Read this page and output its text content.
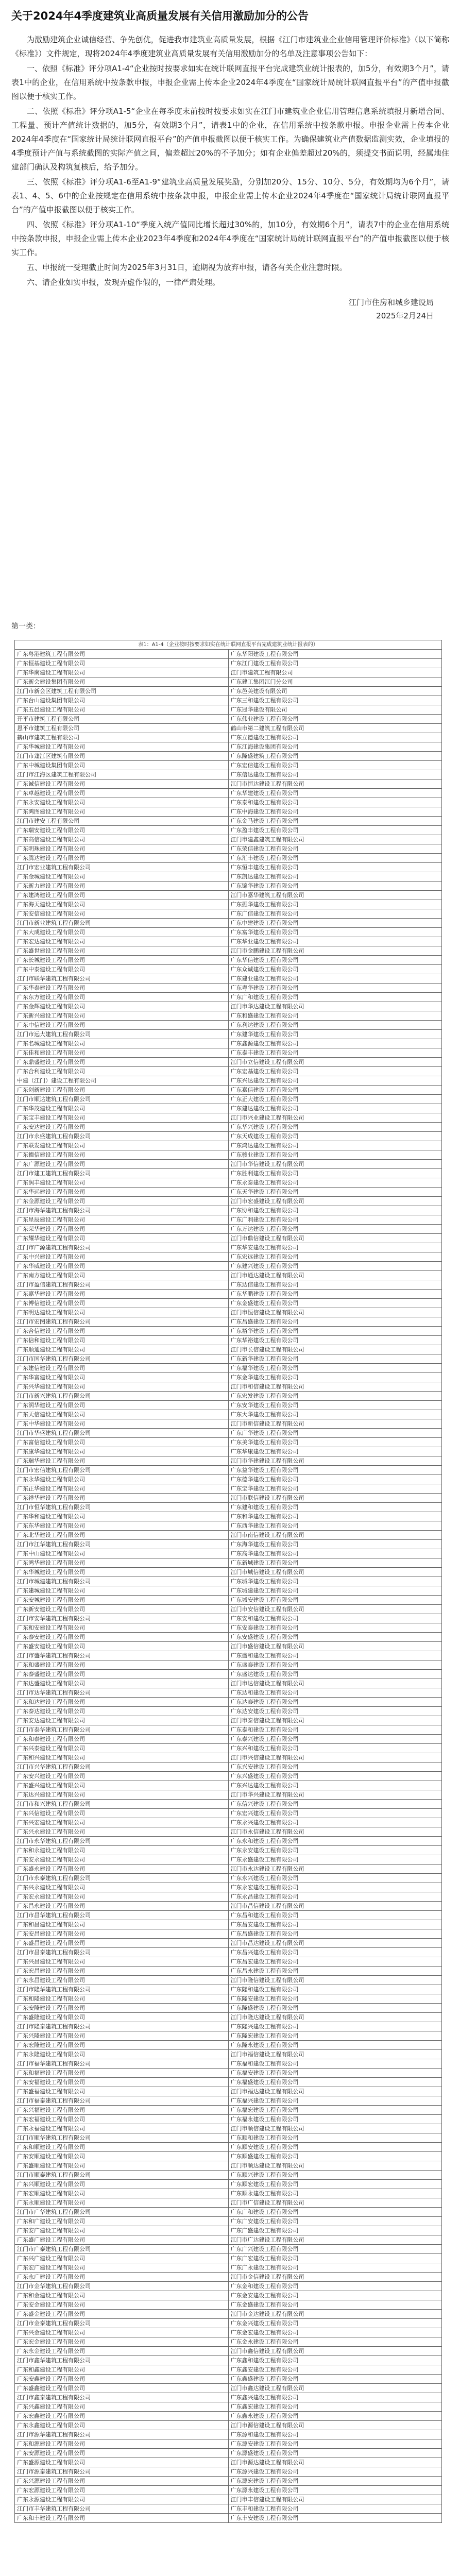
关于2024年4季度建筑业高质量发展有关信用激励加分的公告

为激励建筑企业诚信经营、争先创优，促进我市建筑业高质量发展，根据《江门市建筑业企业信用管理评价标准》（以下简称《标准》）文件规定，现将2024年4季度建筑业高质量发展有关信用激励加分的名单及注意事项公告如下：

一、依照《标准》评分项A1-4“企业按时按要求如实在统计联网直报平台完成建筑业统计报表的，加5分，有效期3个月”，请表1中的企业，在信用系统中按条款申报，申报企业需上传本企业2024年4季度在“国家统计局统计联网直报平台”的产值申报截图以便于核实工作。

二、依照《标准》评分项A1-5“企业在每季度末前按时按要求如实在江门市建筑业企业信用管理信息系统填报月新增合同、工程量、预计产值统计数据的，加5分，有效期3个月”，请表1中的企业，在信用系统中按条款申报。申报企业需上传本企业2024年4季度在“国家统计局统计联网直报平台”的产值申报截图以便于核实工作。为确保建筑业产值数据监测实效，企业填报的4季度预计产值与系统截图的实际产值之间，偏差超过20%的不予加分；如有企业偏差超过20%的，须提交书面说明，经属地住建部门确认及构筑复核后，给予加分。

三、依照《标准》评分项A1-6至A1-9“建筑业高质量发展奖励，分别加20分、15分、10分、5分，有效期均为6个月”，请表1、4、5、6中的企业按规定在信用系统中按条款申报，申报企业需上传本企业2024年4季度在“国家统计局统计联网直报平台”的产值申报截图以便于核实工作。

四、依照《标准》评分项A1-10“季度入统产值同比增长超过30%的，加10分，有效期6个月”，请表7中的企业在信用系统中按条款申报，申报企业需上传本企业2023年4季度和2024年4季度在“国家统计局统计联网直报平台”的产值申报截图以便于核实工作。

五、申报统一受理截止时间为2025年3月31日，逾期视为放弃申报，请各有关企业注意时限。

六、请企业如实申报，发现弄虚作假的，一律严肃处理。

江门市住房和城乡建设局
2025年2月24日
第一类：
表1：A1-4（企业按时按要求如实在统计联网直报平台完成建筑业统计报表的）	
广东粤港建筑工程有限公司	广东华阳建设工程有限公司
广东恒基建设工程有限公司	广东江门建设工程有限公司
广东华南建设工程有限公司	江门市建筑工程有限公司
广东新会建设集团有限公司	广东建工集团江门分公司
江门市新会区建筑工程有限公司	广东邑美建设有限公司
广东台山建设集团有限公司	广东三和建设工程有限公司
广东五邑建设工程有限公司	广东冠华建设有限公司
开平市建筑工程有限公司	广东伟业建设工程有限公司
恩平市建筑工程有限公司	鹤山市第二建筑工程有限公司
鹤山市建筑工程有限公司	广东立德建设工程有限公司
广东华城建设工程有限公司	广东江海建设集团有限公司
江门市蓬江区建筑有限公司	广东隆盛建筑工程有限公司
广东中城建设集团有限公司	广东宏信建设工程有限公司
江门市江海区建筑工程有限公司	广东信达建设工程有限公司
广东诚信建设工程有限公司	江门市恒达建设工程有限公司
广东卓越建设工程有限公司	广东华建建设工程有限公司
广东永安建设工程有限公司	广东泰和建设工程有限公司
广东鸿图建设工程有限公司	广东中海建设工程有限公司
江门市建安工程有限公司	广东金马建设工程有限公司
广东瑞安建设工程有限公司	广东盈丰建设工程有限公司
广东高信建设工程有限公司	江门市建鑫建筑工程有限公司
广东明珠建设工程有限公司	广东荣信建设工程有限公司
广东腾达建设工程有限公司	广东汇丰建设工程有限公司
江门市宏业建筑工程有限公司	广东恒丰建设工程有限公司
广东金城建设工程有限公司	广东凯达建设工程有限公司
广东新力建设工程有限公司	广东锦华建设工程有限公司
广东建鸿建设工程有限公司	江门市嘉华建筑工程有限公司
广东海天建设工程有限公司	广东振华建设工程有限公司
广东安信建设工程有限公司	广东广信建设工程有限公司
江门市新业建筑工程有限公司	广东中建建设工程有限公司
广东大成建设工程有限公司	广东富华建设工程有限公司
广东宏达建设工程有限公司	广东华业建设工程有限公司
广东盛世建设工程有限公司	江门市金鹏建设工程有限公司
广东长城建设工程有限公司	广东华信建设工程有限公司
广东中泰建设工程有限公司	广东众诚建设工程有限公司
江门市联华建筑工程有限公司	广东建业建设工程有限公司
广东华泰建设工程有限公司	广东粤华建设工程有限公司
广东东方建设工程有限公司	广东广和建设工程有限公司
广东金辉建设工程有限公司	江门市华达建设工程有限公司
广东新兴建设工程有限公司	广东和盛建设工程有限公司
广东中信建设工程有限公司	广东利达建设工程有限公司
江门市远大建筑工程有限公司	广东建华建设工程有限公司
广东名城建设工程有限公司	广东鑫源建设工程有限公司
广东佳和建设工程有限公司	广东泰丰建设工程有限公司
广东鼎盛建设工程有限公司	江门市立信建设工程有限公司
广东合利建设工程有限公司	广东宏基建设工程有限公司
中建（江门）建设工程有限公司	广东兴达建设工程有限公司
广东创新建设工程有限公司	广东嘉信建设工程有限公司
江门市顺达建筑工程有限公司	广东正大建设工程有限公司
广东华茂建设工程有限公司	广东建达建设工程有限公司
广东宝丰建设工程有限公司	江门市兴业建设工程有限公司
广东安达建设工程有限公司	广东华兴建设工程有限公司
江门市永盛建筑工程有限公司	广东天成建设工程有限公司
广东联发建设工程有限公司	广东鸿达建设工程有限公司
广东德信建设工程有限公司	广东骏业建设工程有限公司
广东广源建设工程有限公司	江门市华信建设工程有限公司
江门市建工建筑工程有限公司	广东胜利建设工程有限公司
广东润丰建设工程有限公司	广东永泰建设工程有限公司
广东华远建设工程有限公司	广东天华建设工程有限公司
广东金源建设工程有限公司	江门市宏盛建设工程有限公司
江门市海华建筑工程有限公司	广东协和建设工程有限公司
广东星辰建设工程有限公司	广东广利建设工程有限公司
广东荣华建设工程有限公司	广东万达建设工程有限公司
广东耀华建设工程有限公司	江门市鼎信建设工程有限公司
江门市广源建筑工程有限公司	广东华安建设工程有限公司
广东中兴建设工程有限公司	广东宏远建设工程有限公司
广东华威建设工程有限公司	广东建兴建设工程有限公司
广东南方建设工程有限公司	江门市通达建设工程有限公司
江门市盈信建筑工程有限公司	广东达信建设工程有限公司
广东嘉华建设工程有限公司	广东华鹏建设工程有限公司
广东博信建设工程有限公司	广东金盛建设工程有限公司
广东明达建设工程有限公司	江门市恒信建设工程有限公司
江门市宏图建筑工程有限公司	广东昌盛建设工程有限公司
广东合信建设工程有限公司	广东裕华建设工程有限公司
广东信和建设工程有限公司	广东华裕建设工程有限公司
广东顺通建设工程有限公司	江门市长信建设工程有限公司
江门市国华建筑工程有限公司	广东新华建设工程有限公司
广东建信建设工程有限公司	广东福华建设工程有限公司
广东华富建设工程有限公司	广东金华建设工程有限公司
广东兴华建设工程有限公司	江门市和信建设工程有限公司
江门市新兴建筑工程有限公司	广东宏发建设工程有限公司
广东润华建设工程有限公司	广东安华建设工程有限公司
广东天信建设工程有限公司	广东大华建设工程有限公司
广东中华建设工程有限公司	江门市新信建设工程有限公司
江门市华盛建筑工程有限公司	广东广华建设工程有限公司
广东富信建设工程有限公司	广东美华建设工程有限公司
广东康华建设工程有限公司	广东华康建设工程有限公司
广东瑞华建设工程有限公司	江门市华建建设工程有限公司
江门市宏信建筑工程有限公司	广东益华建设工程有限公司
广东永华建设工程有限公司	广东德华建设工程有限公司
广东正华建设工程有限公司	广东宝华建设工程有限公司
广东祥华建设工程有限公司	江门市联信建设工程有限公司
江门市恒华建筑工程有限公司	广东建和建设工程有限公司
广东华和建设工程有限公司	广东和华建设工程有限公司
广东东华建设工程有限公司	广东西华建设工程有限公司
广东北华建设工程有限公司	江门市南信建设工程有限公司
江门市江华建筑工程有限公司	广东海华建设工程有限公司
广东中山建设工程有限公司	广东高华建设工程有限公司
广东鸿华建设工程有限公司	广东新城建设工程有限公司
广东华城建设工程有限公司	江门市城信建设工程有限公司
江门市城建建筑工程有限公司	广东城华建设工程有限公司
广东建城建设工程有限公司	广东城建建设工程有限公司
广东安城建设工程有限公司	广东城安建设工程有限公司
广东新安建设工程有限公司	江门市安信建设工程有限公司
江门市安华建筑工程有限公司	广东安和建设工程有限公司
广东和安建设工程有限公司	广东安泰建设工程有限公司
广东泰安建设工程有限公司	广东安盛建设工程有限公司
广东盛安建设工程有限公司	江门市盛信建设工程有限公司
江门市盛华建筑工程有限公司	广东盛和建设工程有限公司
广东和盛建设工程有限公司	广东盛泰建设工程有限公司
广东泰盛建设工程有限公司	广东盛达建设工程有限公司
广东达盛建设工程有限公司	江门市达信建设工程有限公司
江门市达华建筑工程有限公司	广东达和建设工程有限公司
广东和达建设工程有限公司	广东达泰建设工程有限公司
广东泰达建设工程有限公司	广东达安建设工程有限公司
广东安达建设工程有限公司	江门市泰信建设工程有限公司
江门市泰华建筑工程有限公司	广东泰和建设工程有限公司
广东和泰建设工程有限公司	广东泰兴建设工程有限公司
广东兴泰建设工程有限公司	广东兴和建设工程有限公司
广东和兴建设工程有限公司	江门市兴信建设工程有限公司
江门市兴华建筑工程有限公司	广东兴安建设工程有限公司
广东安兴建设工程有限公司	广东兴盛建设工程有限公司
广东盛兴建设工程有限公司	广东兴达建设工程有限公司
广东达兴建设工程有限公司	江门市华兴建设工程有限公司
江门市和兴建筑工程有限公司	广东信兴建设工程有限公司
广东兴信建设工程有限公司	广东宏兴建设工程有限公司
广东兴宏建设工程有限公司	广东永兴建设工程有限公司
广东兴永建设工程有限公司	江门市永信建设工程有限公司
江门市永华建筑工程有限公司	广东永和建设工程有限公司
广东和永建设工程有限公司	广东永安建设工程有限公司
广东安永建设工程有限公司	广东永盛建设工程有限公司
广东盛永建设工程有限公司	江门市永达建设工程有限公司
江门市永泰建筑工程有限公司	广东永兴建设工程有限公司
广东兴永建设工程有限公司	广东永宏建设工程有限公司
广东宏永建设工程有限公司	广东永昌建设工程有限公司
广东昌永建设工程有限公司	江门市昌信建设工程有限公司
江门市昌华建筑工程有限公司	广东昌和建设工程有限公司
广东和昌建设工程有限公司	广东昌安建设工程有限公司
广东安昌建设工程有限公司	广东昌盛建设工程有限公司
广东盛昌建设工程有限公司	江门市昌达建设工程有限公司
江门市昌泰建筑工程有限公司	广东昌兴建设工程有限公司
广东兴昌建设工程有限公司	广东昌宏建设工程有限公司
广东宏昌建设工程有限公司	广东昌永建设工程有限公司
广东永昌建设工程有限公司	江门市隆信建设工程有限公司
江门市隆华建筑工程有限公司	广东隆和建设工程有限公司
广东和隆建设工程有限公司	广东隆安建设工程有限公司
广东安隆建设工程有限公司	广东隆盛建设工程有限公司
广东盛隆建设工程有限公司	江门市隆达建设工程有限公司
江门市隆泰建筑工程有限公司	广东隆兴建设工程有限公司
广东兴隆建设工程有限公司	广东隆宏建设工程有限公司
广东宏隆建设工程有限公司	广东隆永建设工程有限公司
广东永隆建设工程有限公司	江门市福信建设工程有限公司
江门市福华建筑工程有限公司	广东福和建设工程有限公司
广东和福建设工程有限公司	广东福安建设工程有限公司
广东安福建设工程有限公司	广东福盛建设工程有限公司
广东盛福建设工程有限公司	江门市福达建设工程有限公司
江门市福泰建筑工程有限公司	广东福兴建设工程有限公司
广东兴福建设工程有限公司	广东福宏建设工程有限公司
广东宏福建设工程有限公司	广东福永建设工程有限公司
广东永福建设工程有限公司	江门市顺信建设工程有限公司
江门市顺华建筑工程有限公司	广东顺和建设工程有限公司
广东和顺建设工程有限公司	广东顺安建设工程有限公司
广东安顺建设工程有限公司	广东顺盛建设工程有限公司
广东盛顺建设工程有限公司	江门市顺达建设工程有限公司
江门市顺泰建筑工程有限公司	广东顺兴建设工程有限公司
广东兴顺建设工程有限公司	广东顺宏建设工程有限公司
广东宏顺建设工程有限公司	广东顺永建设工程有限公司
广东永顺建设工程有限公司	江门市广信建设工程有限公司
江门市广华建筑工程有限公司	广东广和建设工程有限公司
广东和广建设工程有限公司	广东广安建设工程有限公司
广东安广建设工程有限公司	广东广盛建设工程有限公司
广东盛广建设工程有限公司	江门市广达建设工程有限公司
江门市广泰建筑工程有限公司	广东广兴建设工程有限公司
广东兴广建设工程有限公司	广东广宏建设工程有限公司
广东宏广建设工程有限公司	广东广永建设工程有限公司
广东永广建设工程有限公司	江门市金信建设工程有限公司
江门市金华建筑工程有限公司	广东金和建设工程有限公司
广东和金建设工程有限公司	广东金安建设工程有限公司
广东安金建设工程有限公司	广东金盛建设工程有限公司
广东盛金建设工程有限公司	江门市金达建设工程有限公司
江门市金泰建筑工程有限公司	广东金兴建设工程有限公司
广东兴金建设工程有限公司	广东金宏建设工程有限公司
广东宏金建设工程有限公司	广东金永建设工程有限公司
广东永金建设工程有限公司	江门市鑫信建设工程有限公司
江门市鑫华建筑工程有限公司	广东鑫和建设工程有限公司
广东和鑫建设工程有限公司	广东鑫安建设工程有限公司
广东安鑫建设工程有限公司	广东鑫盛建设工程有限公司
广东盛鑫建设工程有限公司	江门市鑫达建设工程有限公司
江门市鑫泰建筑工程有限公司	广东鑫兴建设工程有限公司
广东兴鑫建设工程有限公司	广东鑫宏建设工程有限公司
广东宏鑫建设工程有限公司	广东鑫永建设工程有限公司
广东永鑫建设工程有限公司	江门市源信建设工程有限公司
江门市源华建筑工程有限公司	广东源和建设工程有限公司
广东和源建设工程有限公司	广东源安建设工程有限公司
广东安源建设工程有限公司	广东源盛建设工程有限公司
广东盛源建设工程有限公司	江门市源达建设工程有限公司
江门市源泰建筑工程有限公司	广东源兴建设工程有限公司
广东兴源建设工程有限公司	广东源宏建设工程有限公司
广东宏源建设工程有限公司	广东源永建设工程有限公司
广东永源建设工程有限公司	江门市丰信建设工程有限公司
江门市丰华建筑工程有限公司	广东丰和建设工程有限公司
广东和丰建设工程有限公司	广东丰安建设工程有限公司
